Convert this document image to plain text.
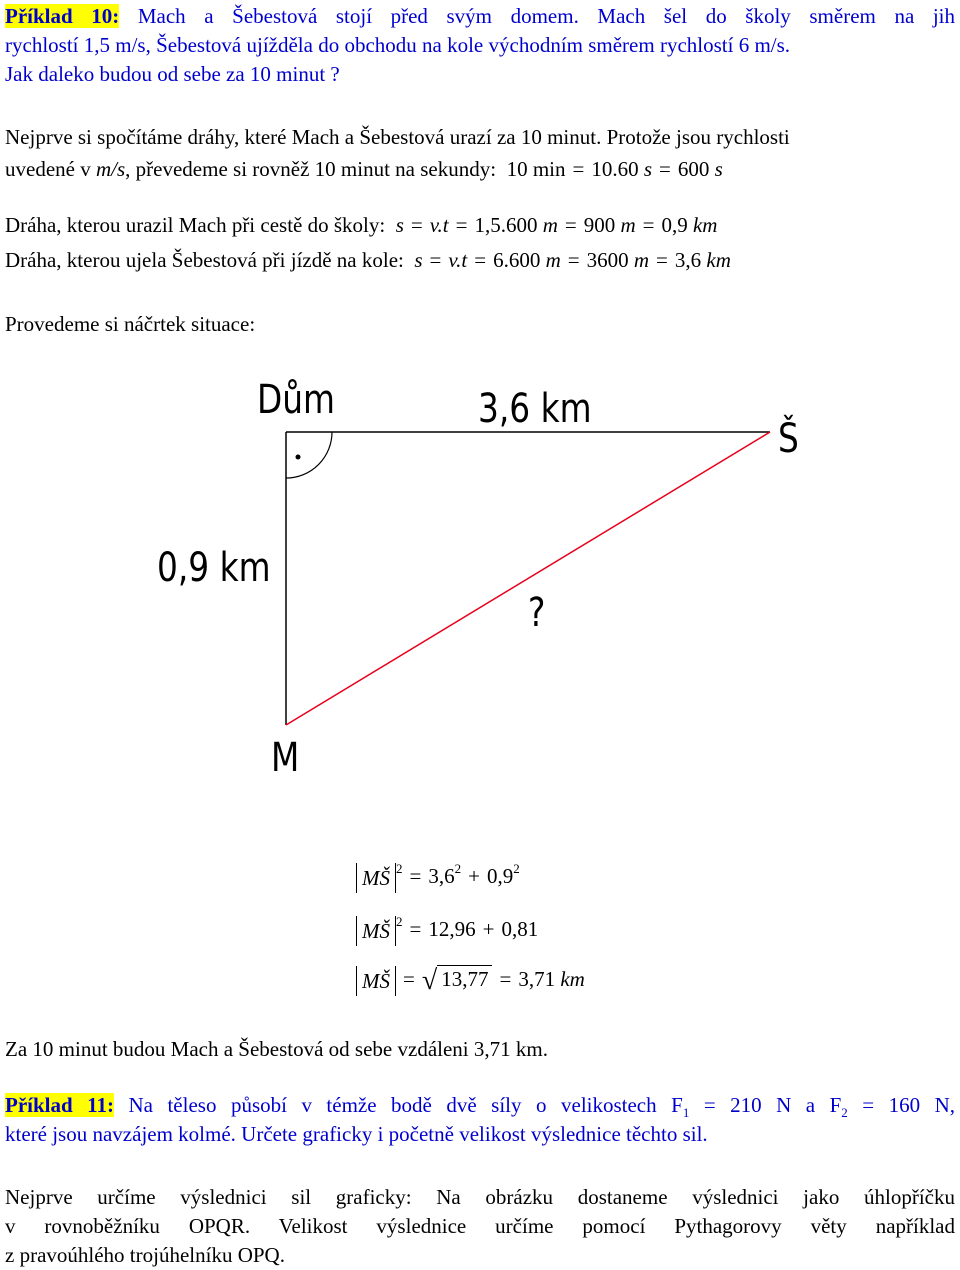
Příklad 10: Mach a Šebestová stojí před svým domem. Mach šel do školy směrem na jih
rychlostí 1,5 m/s, Šebestová ujížděla do obchodu na kole východním směrem rychlostí 6 m/s.
Jak daleko budou od sebe za 10 minut ?
Nejprve si spočítáme dráhy, které Mach a Šebestová urazí za 10 minut. Protože jsou rychlosti
uvedené v m/s, převedeme si rovněž 10 minut na sekundy: 10 min = 10.60 s = 600 s
Dráha, kterou urazil Mach při cestě do školy: s = v.t = 1,5.600 m = 900 m = 0,9 km
Dráha, kterou ujela Šebestová při jízdě na kole: s = v.t = 6.600 m = 3600 m = 3,6 km
Provedeme si náčrtek situace:
Dům	3,6 km
Š
0,9 km
?
M
MŠ $^2 = 3,6^2 + 0,9^2$
MŠ $^2$ = 12,96 + 0,81
MŠ = √ 13,77 = 3,71 km
Za 10 minut budou Mach a Šebestová od sebe vzdáleni 3,71 km.
Příklad 11: Na těleso působí v témže bodě dvě síly o velikostech $F_1 = 210$ N a $F_2 = 160$ N,
které jsou navzájem kolmé. Určete graficky i početně velikost výslednice těchto sil.
Nejprve určíme výslednici sil graficky: Na obrázku dostaneme výslednici jako úhlopříčku
v rovnoběžníku OPQR. Velikost výslednice určíme pomocí Pythagorovy věty například
z pravoúhlého trojúhelníku OPQ.
